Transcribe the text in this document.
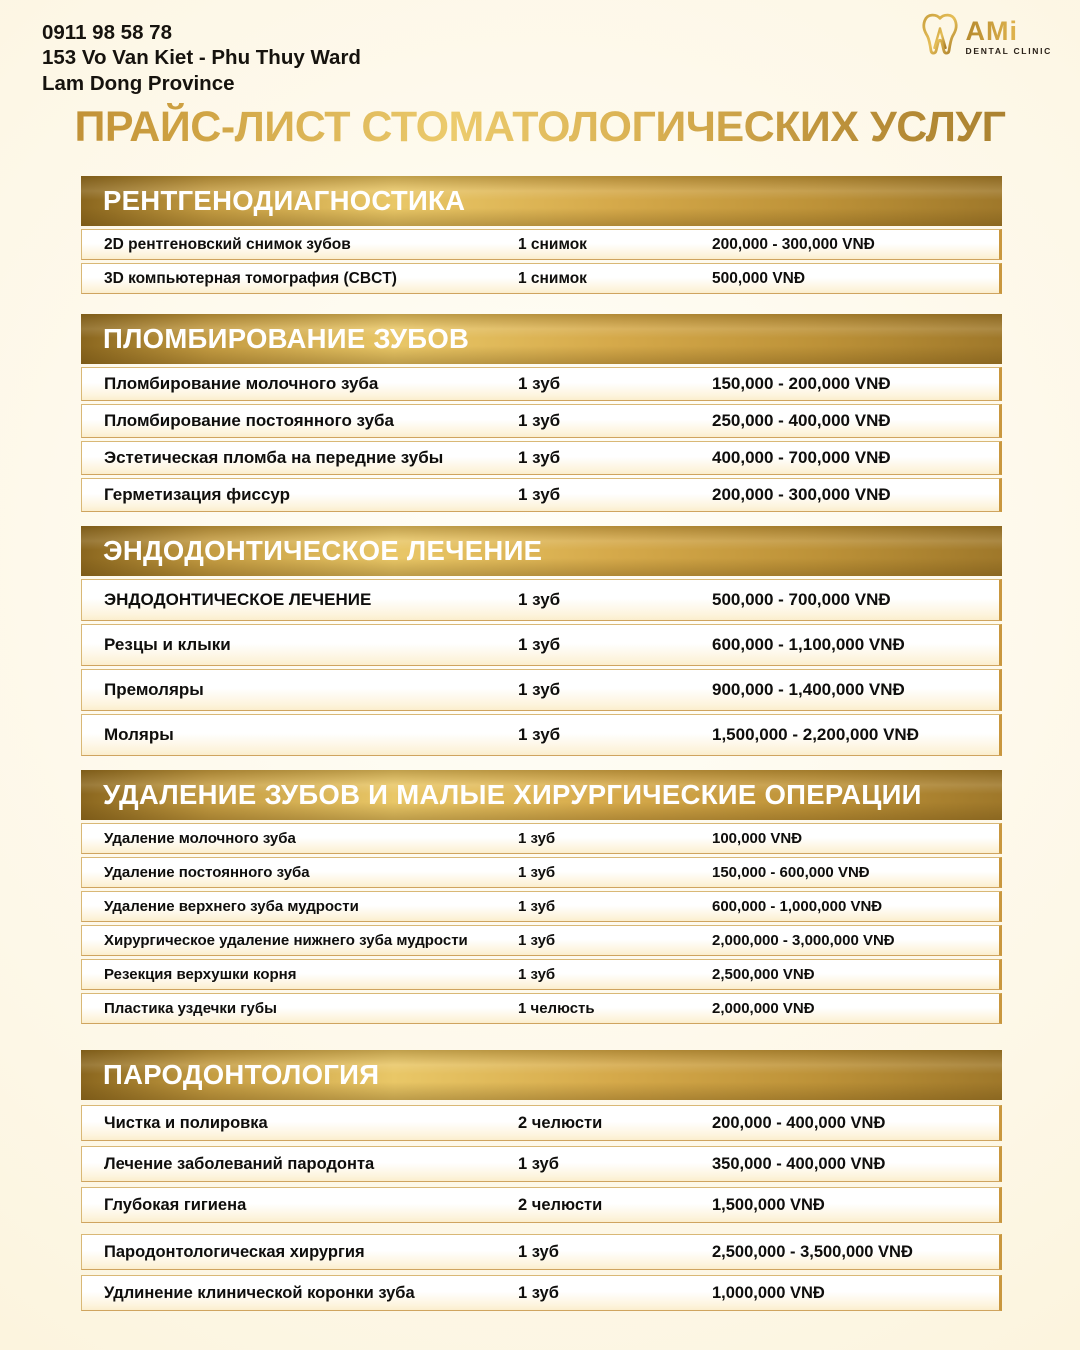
0911 98 58 78
153 Vo Van Kiet - Phu Thuy Ward
Lam Dong Province
AMi
DENTAL CLINIC
ПРАЙС-ЛИСТ СТОМАТОЛОГИЧЕСКИХ УСЛУГ
РЕНТГЕНОДИАГНОСТИКА
2D рентгеновский снимок зубов	1 снимок	200,000 - 300,000 VNĐ
3D компьютерная томография (CBCT)	1 снимок	500,000 VNĐ
ПЛОМБИРОВАНИЕ ЗУБОВ
Пломбирование молочного зуба	1 зуб	150,000 - 200,000 VNĐ
Пломбирование постоянного зуба	1 зуб	250,000 - 400,000 VNĐ
Эстетическая пломба на передние зубы	1 зуб	400,000 - 700,000 VNĐ
Герметизация фиссур	1 зуб	200,000 - 300,000 VNĐ
ЭНДОДОНТИЧЕСКОЕ ЛЕЧЕНИЕ
ЭНДОДОНТИЧЕСКОЕ ЛЕЧЕНИЕ	1 зуб	500,000 - 700,000 VNĐ
Резцы и клыки	1 зуб	600,000 - 1,100,000 VNĐ
Премоляры	1 зуб	900,000 - 1,400,000 VNĐ
Моляры	1 зуб	1,500,000 - 2,200,000 VNĐ
УДАЛЕНИЕ ЗУБОВ И МАЛЫЕ ХИРУРГИЧЕСКИЕ ОПЕРАЦИИ
Удаление молочного зуба	1 зуб	100,000 VNĐ
Удаление постоянного зуба	1 зуб	150,000 - 600,000 VNĐ
Удаление верхнего зуба мудрости	1 зуб	600,000 - 1,000,000 VNĐ
Хирургическое удаление нижнего зуба мудрости	1 зуб	2,000,000 - 3,000,000 VNĐ
Резекция верхушки корня	1 зуб	2,500,000 VNĐ
Пластика уздечки губы	1 челюсть	2,000,000 VNĐ
ПАРОДОНТОЛОГИЯ
Чистка и полировка	2 челюсти	200,000 - 400,000 VNĐ
Лечение заболеваний пародонта	1 зуб	350,000 - 400,000 VNĐ
Глубокая гигиена	2 челюсти	1,500,000 VNĐ
Пародонтологическая хирургия	1 зуб	2,500,000 - 3,500,000 VNĐ
Удлинение клинической коронки зуба	1 зуб	1,000,000 VNĐ
